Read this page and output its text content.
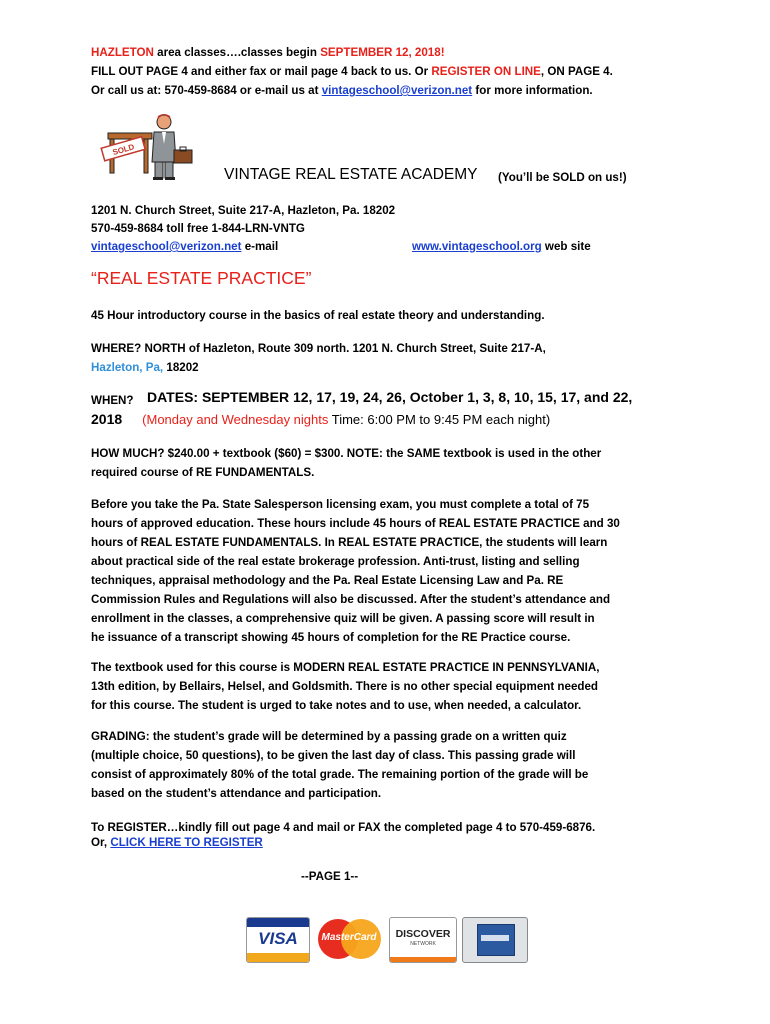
HAZLETON area classes….classes begin SEPTEMBER 12, 2018!
FILL OUT PAGE 4 and either fax or mail page 4 back to us. Or REGISTER ON LINE, ON PAGE 4.
Or call us at: 570-459-8684 or e-mail us at vintageschool@verizon.net for more information.
SOLD
VINTAGE REAL ESTATE ACADEMY (You’ll be SOLD on us!)
1201 N. Church Street, Suite 217-A, Hazleton, Pa. 18202
570-459-8684 toll free 1-844-LRN-VNTG
vintageschool@verizon.net e-mail	www.vintageschool.org web site
“REAL ESTATE PRACTICE”
45 Hour introductory course in the basics of real estate theory and understanding.
WHERE? NORTH of Hazleton, Route 309 north. 1201 N. Church Street, Suite 217-A,
Hazleton, Pa, 18202
WHEN? DATES: SEPTEMBER 12, 17, 19, 24, 26, October 1, 3, 8, 10, 15, 17, and 22,
2018 (Monday and Wednesday nights Time: 6:00 PM to 9:45 PM each night)
HOW MUCH? $240.00 + textbook ($60) = $300. NOTE: the SAME textbook is used in the other
required course of RE FUNDAMENTALS.
Before you take the Pa. State Salesperson licensing exam, you must complete a total of 75
hours of approved education. These hours include 45 hours of REAL ESTATE PRACTICE and 30
hours of REAL ESTATE FUNDAMENTALS. In REAL ESTATE PRACTICE, the students will learn
about practical side of the real estate brokerage profession. Anti-trust, listing and selling
techniques, appraisal methodology and the Pa. Real Estate Licensing Law and Pa. RE
Commission Rules and Regulations will also be discussed. After the student’s attendance and
enrollment in the classes, a comprehensive quiz will be given. A passing score will result in
he issuance of a transcript showing 45 hours of completion for the RE Practice course.
The textbook used for this course is MODERN REAL ESTATE PRACTICE IN PENNSYLVANIA,
13th edition, by Bellairs, Helsel, and Goldsmith. There is no other special equipment needed
for this course. The student is urged to take notes and to use, when needed, a calculator.
GRADING: the student’s grade will be determined by a passing grade on a written quiz
(multiple choice, 50 questions), to be given the last day of class. This passing grade will
consist of approximately 80% of the total grade. The remaining portion of the grade will be
based on the student’s attendance and participation.
To REGISTER…kindly fill out page 4 and mail or FAX the completed page 4 to 570-459-6876.
Or, CLICK HERE TO REGISTER
--PAGE 1--
VISA	MasterCard	DISCOVER
NETWORK
